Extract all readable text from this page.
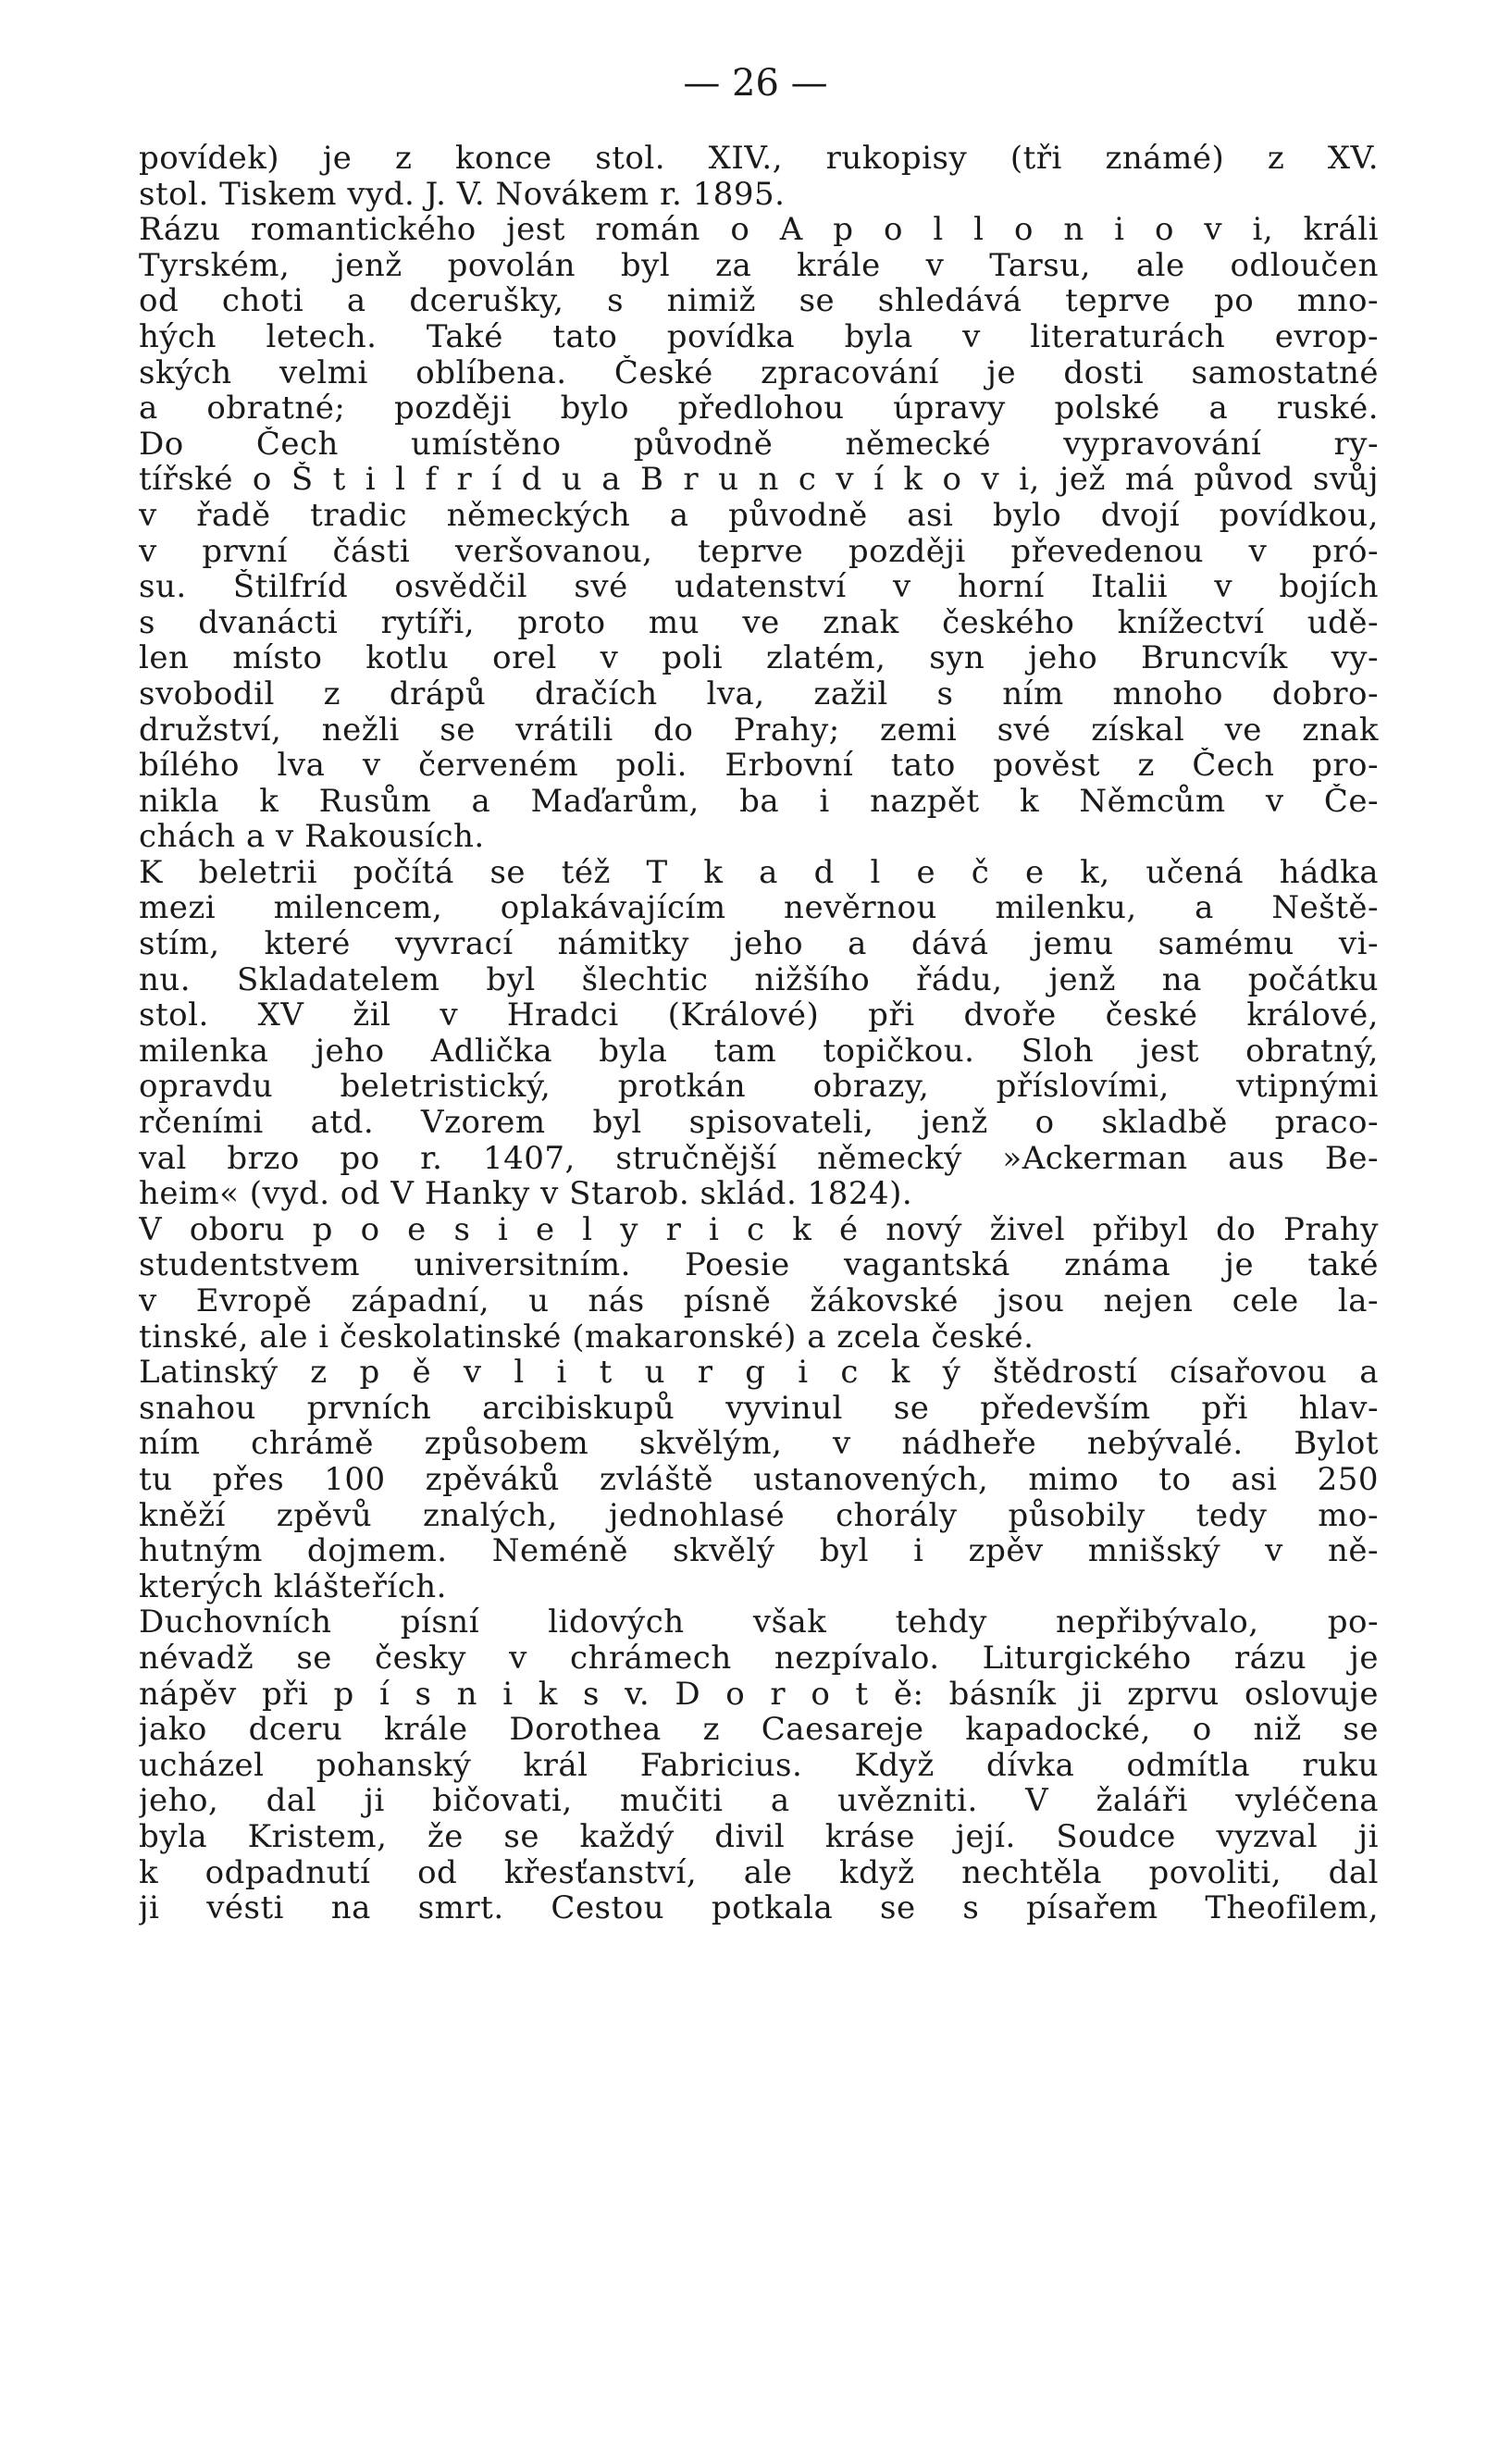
— 26 —
povídek) je z konce stol. XIV., rukopisy (tři známé) z XV.
stol. Tiskem vyd. J. V. Novákem r. 1895.
Rázu romantického jest román o A p o l l o n i o v i, králi
Tyrském, jenž povolán byl za krále v Tarsu, ale odloučen
od choti a dcerušky, s nimiž se shledává teprve po mno-
hých letech. Také tato povídka byla v literaturách evrop-
ských velmi oblíbena. České zpracování je dosti samostatné
a obratné; později bylo předlohou úpravy polské a ruské.
Do Čech umístěno původně německé vypravování ry-
tířské o Š t i l f r í d u a B r u n c v í k o v i, jež má původ svůj
v řadě tradic německých a původně asi bylo dvojí povídkou,
v první části veršovanou, teprve později převedenou v pró-
su. Štilfríd osvědčil své udatenství v horní Italii v bojích
s dvanácti rytíři, proto mu ve znak českého knížectví udě-
len místo kotlu orel v poli zlatém, syn jeho Bruncvík vy-
svobodil z drápů dračích lva, zažil s ním mnoho dobro-
družství, nežli se vrátili do Prahy; zemi své získal ve znak
bílého lva v červeném poli. Erbovní tato pověst z Čech pro-
nikla k Rusům a Maďarům, ba i nazpět k Němcům v Če-
chách a v Rakousích.
K beletrii počítá se též T k a d l e č e k, učená hádka
mezi milencem, oplakávajícím nevěrnou milenku, a Neště-
stím, které vyvrací námitky jeho a dává jemu samému vi-
nu. Skladatelem byl šlechtic nižšího řádu, jenž na počátku
stol. XV žil v Hradci (Králové) při dvoře české králové,
milenka jeho Adlička byla tam topičkou. Sloh jest obratný,
opravdu beletristický, protkán obrazy, příslovími, vtipnými
rčeními atd. Vzorem byl spisovateli, jenž o skladbě praco-
val brzo po r. 1407, stručnější německý »Ackerman aus Be-
heim« (vyd. od V Hanky v Starob. sklád. 1824).
V oboru p o e s i e l y r i c k é nový živel přibyl do Prahy
studentstvem universitním. Poesie vagantská známa je také
v Evropě západní, u nás písně žákovské jsou nejen cele la-
tinské, ale i českolatinské (makaronské) a zcela české.
Latinský z p ě v l i t u r g i c k ý štědrostí císařovou a
snahou prvních arcibiskupů vyvinul se především při hlav-
ním chrámě způsobem skvělým, v nádheře nebývalé. Bylot
tu přes 100 zpěváků zvláště ustanovených, mimo to asi 250
kněží zpěvů znalých, jednohlasé chorály působily tedy mo-
hutným dojmem. Neméně skvělý byl i zpěv mnišský v ně-
kterých klášteřích.
Duchovních písní lidových však tehdy nepřibývalo, po-
névadž se česky v chrámech nezpívalo. Liturgického rázu je
nápěv při p í s n i k s v. D o r o t ě: básník ji zprvu oslovuje
jako dceru krále Dorothea z Caesareje kapadocké, o niž se
ucházel pohanský král Fabricius. Když dívka odmítla ruku
jeho, dal ji bičovati, mučiti a uvězniti. V žaláři vyléčena
byla Kristem, že se každý divil kráse její. Soudce vyzval ji
k odpadnutí od křesťanství, ale když nechtěla povoliti, dal
ji vésti na smrt. Cestou potkala se s písařem Theofilem,
